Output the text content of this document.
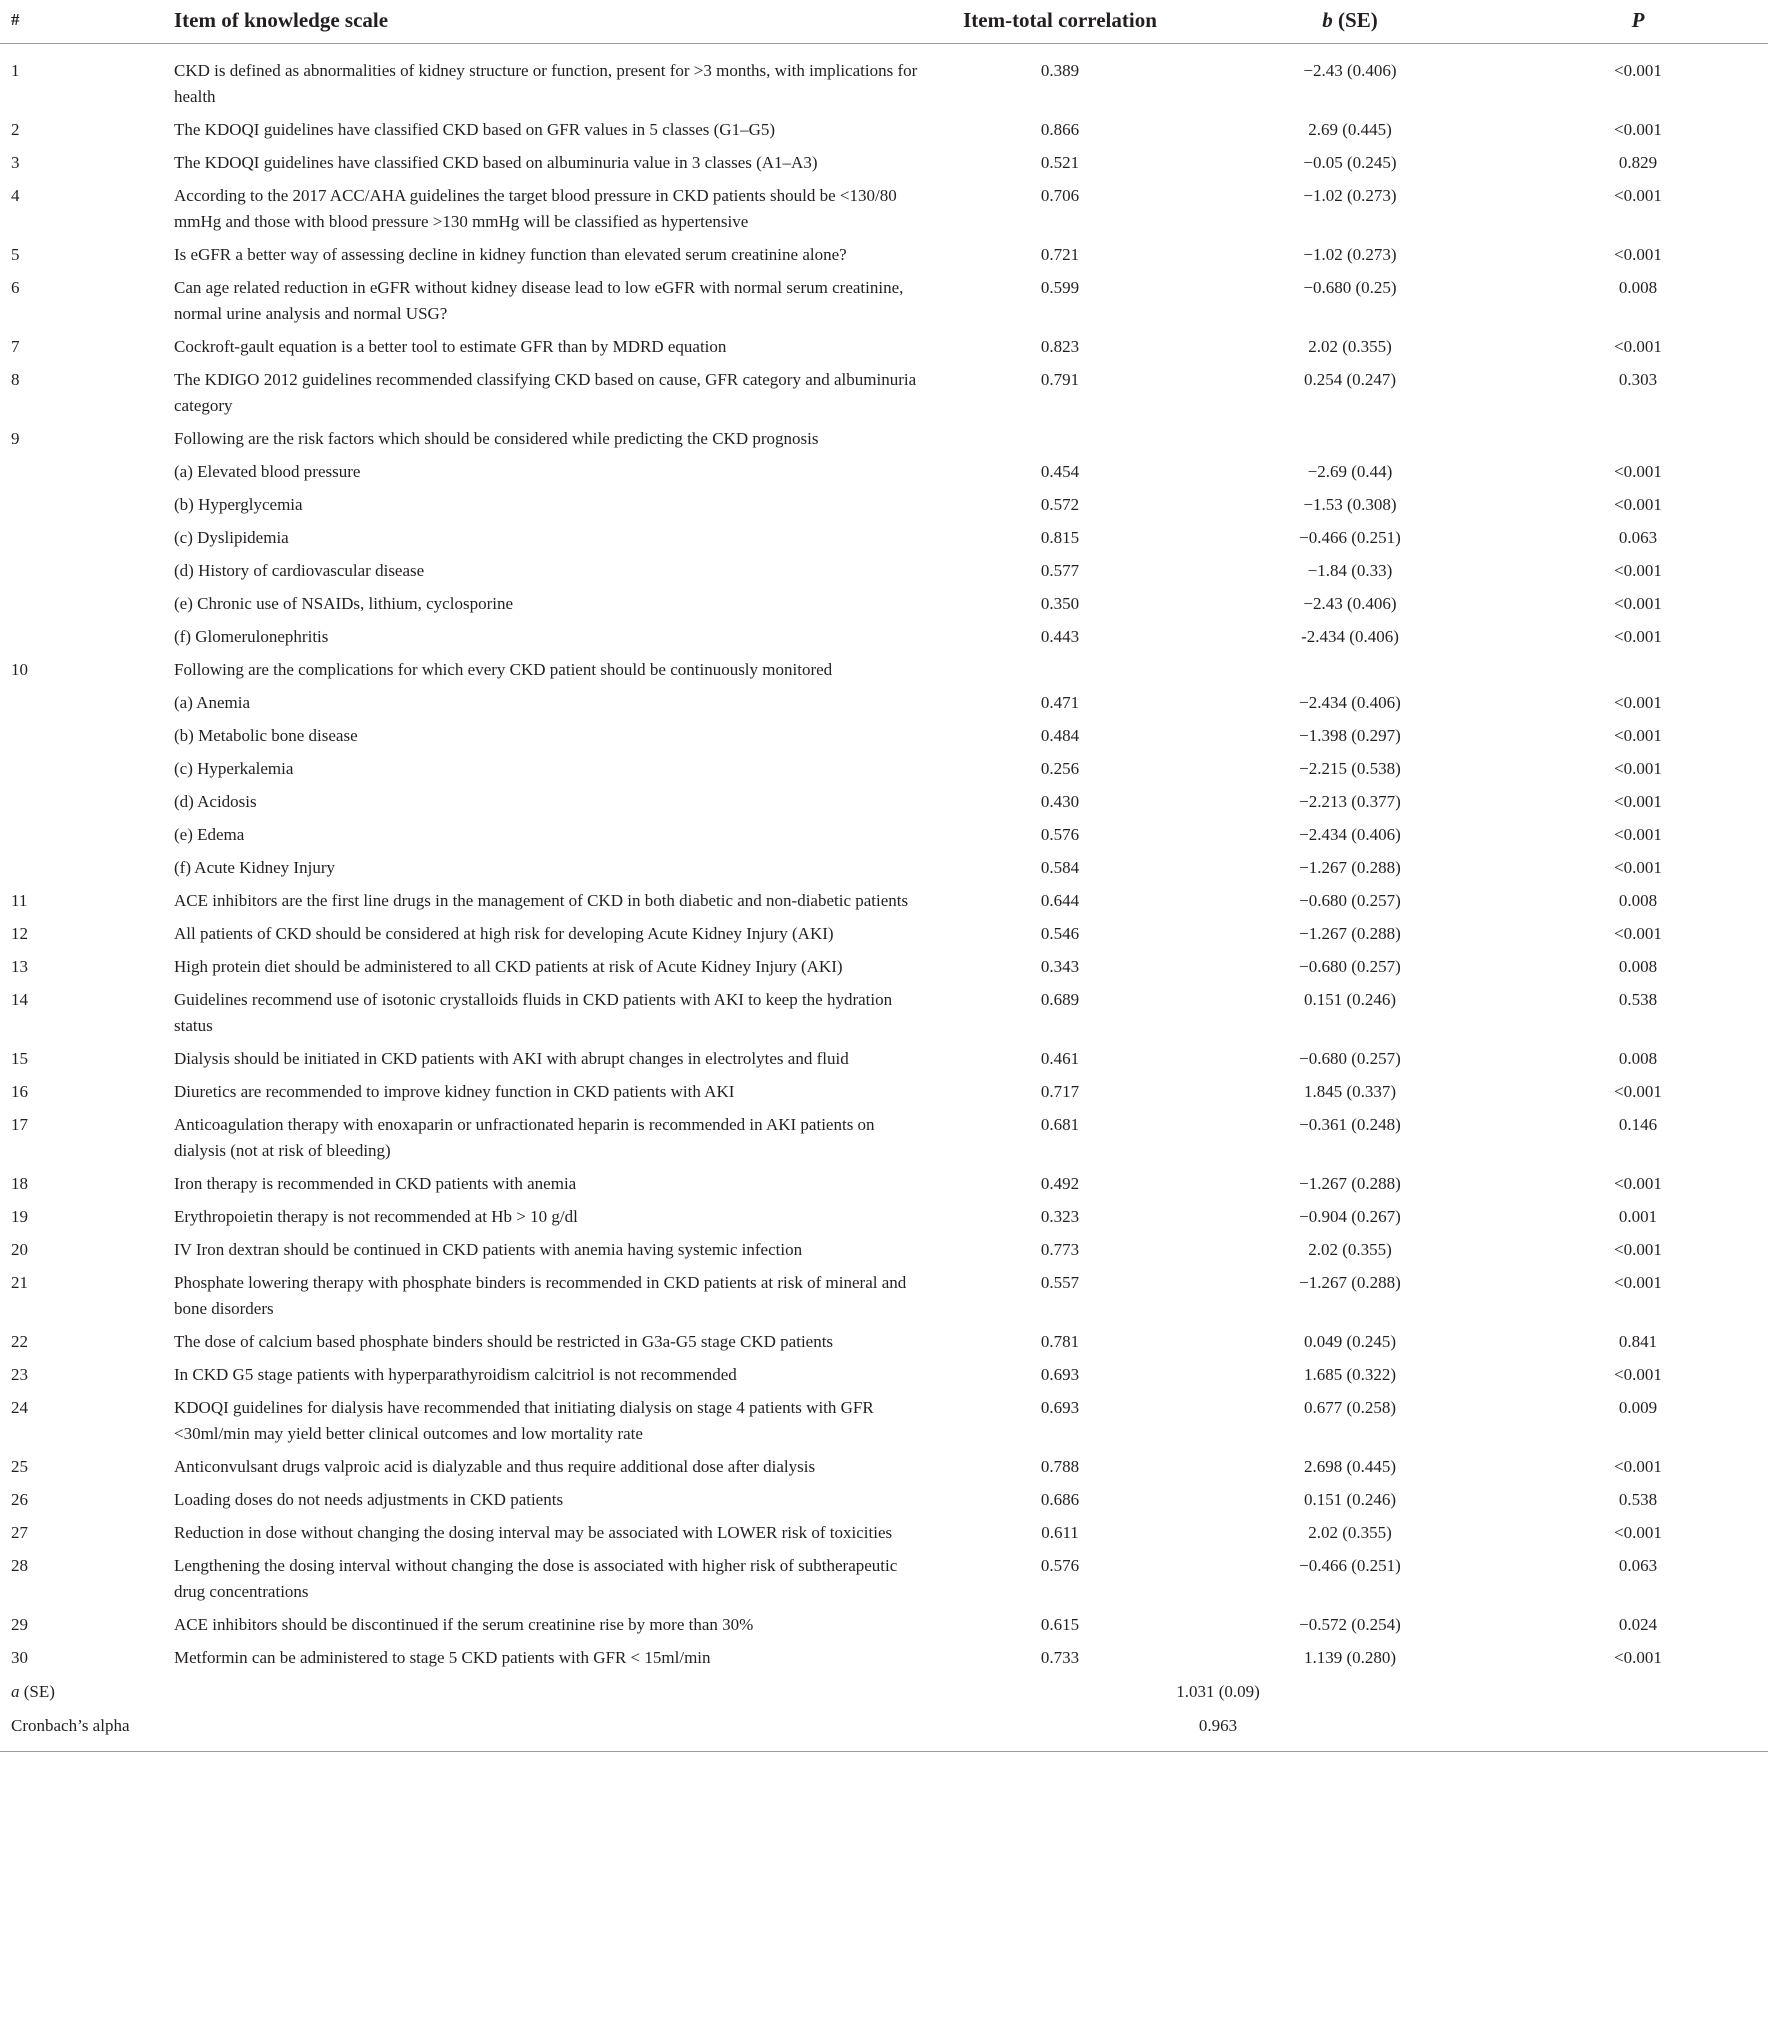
#	Item of knowledge scale	Item-total correlation	b (SE)	P
1	CKD is defined as abnormalities of kidney structure or function, present for >3 months, with implications for health	0.389	−2.43 (0.406)	<0.001
2	The KDOQI guidelines have classified CKD based on GFR values in 5 classes (G1–G5)	0.866	2.69 (0.445)	<0.001
3	The KDOQI guidelines have classified CKD based on albuminuria value in 3 classes (A1–A3)	0.521	−0.05 (0.245)	0.829
4	According to the 2017 ACC/AHA guidelines the target blood pressure in CKD patients should be <130/80 mmHg and those with blood pressure >130 mmHg will be classified as hypertensive	0.706	−1.02 (0.273)	<0.001
5	Is eGFR a better way of assessing decline in kidney function than elevated serum creatinine alone?	0.721	−1.02 (0.273)	<0.001
6	Can age related reduction in eGFR without kidney disease lead to low eGFR with normal serum creatinine, normal urine analysis and normal USG?	0.599	−0.680 (0.25)	0.008
7	Cockroft-gault equation is a better tool to estimate GFR than by MDRD equation	0.823	2.02 (0.355)	<0.001
8	The KDIGO 2012 guidelines recommended classifying CKD based on cause, GFR category and albuminuria category	0.791	0.254 (0.247)	0.303
9	Following are the risk factors which should be considered while predicting the CKD prognosis			
	(a) Elevated blood pressure	0.454	−2.69 (0.44)	<0.001
	(b) Hyperglycemia	0.572	−1.53 (0.308)	<0.001
	(c) Dyslipidemia	0.815	−0.466 (0.251)	0.063
	(d) History of cardiovascular disease	0.577	−1.84 (0.33)	<0.001
	(e) Chronic use of NSAIDs, lithium, cyclosporine	0.350	−2.43 (0.406)	<0.001
	(f) Glomerulonephritis	0.443	-2.434 (0.406)	<0.001
10	Following are the complications for which every CKD patient should be continuously monitored			
	(a) Anemia	0.471	−2.434 (0.406)	<0.001
	(b) Metabolic bone disease	0.484	−1.398 (0.297)	<0.001
	(c) Hyperkalemia	0.256	−2.215 (0.538)	<0.001
	(d) Acidosis	0.430	−2.213 (0.377)	<0.001
	(e) Edema	0.576	−2.434 (0.406)	<0.001
	(f) Acute Kidney Injury	0.584	−1.267 (0.288)	<0.001
11	ACE inhibitors are the first line drugs in the management of CKD in both diabetic and non-diabetic patients	0.644	−0.680 (0.257)	0.008
12	All patients of CKD should be considered at high risk for developing Acute Kidney Injury (AKI)	0.546	−1.267 (0.288)	<0.001
13	High protein diet should be administered to all CKD patients at risk of Acute Kidney Injury (AKI)	0.343	−0.680 (0.257)	0.008
14	Guidelines recommend use of isotonic crystalloids fluids in CKD patients with AKI to keep the hydration status	0.689	0.151 (0.246)	0.538
15	Dialysis should be initiated in CKD patients with AKI with abrupt changes in electrolytes and fluid	0.461	−0.680 (0.257)	0.008
16	Diuretics are recommended to improve kidney function in CKD patients with AKI	0.717	1.845 (0.337)	<0.001
17	Anticoagulation therapy with enoxaparin or unfractionated heparin is recommended in AKI patients on dialysis (not at risk of bleeding)	0.681	−0.361 (0.248)	0.146
18	Iron therapy is recommended in CKD patients with anemia	0.492	−1.267 (0.288)	<0.001
19	Erythropoietin therapy is not recommended at Hb > 10 g/dl	0.323	−0.904 (0.267)	0.001
20	IV Iron dextran should be continued in CKD patients with anemia having systemic infection	0.773	2.02 (0.355)	<0.001
21	Phosphate lowering therapy with phosphate binders is recommended in CKD patients at risk of mineral and bone disorders	0.557	−1.267 (0.288)	<0.001
22	The dose of calcium based phosphate binders should be restricted in G3a-G5 stage CKD patients	0.781	0.049 (0.245)	0.841
23	In CKD G5 stage patients with hyperparathyroidism calcitriol is not recommended	0.693	1.685 (0.322)	<0.001
24	KDOQI guidelines for dialysis have recommended that initiating dialysis on stage 4 patients with GFR <30ml/min may yield better clinical outcomes and low mortality rate	0.693	0.677 (0.258)	0.009
25	Anticonvulsant drugs valproic acid is dialyzable and thus require additional dose after dialysis	0.788	2.698 (0.445)	<0.001
26	Loading doses do not needs adjustments in CKD patients	0.686	0.151 (0.246)	0.538
27	Reduction in dose without changing the dosing interval may be associated with LOWER risk of toxicities	0.611	2.02 (0.355)	<0.001
28	Lengthening the dosing interval without changing the dose is associated with higher risk of subtherapeutic drug concentrations	0.576	−0.466 (0.251)	0.063
29	ACE inhibitors should be discontinued if the serum creatinine rise by more than 30%	0.615	−0.572 (0.254)	0.024
30	Metformin can be administered to stage 5 CKD patients with GFR < 15ml/min	0.733	1.139 (0.280)	<0.001
a (SE)		1.031 (0.09)		
Cronbach’s alpha		0.963		
